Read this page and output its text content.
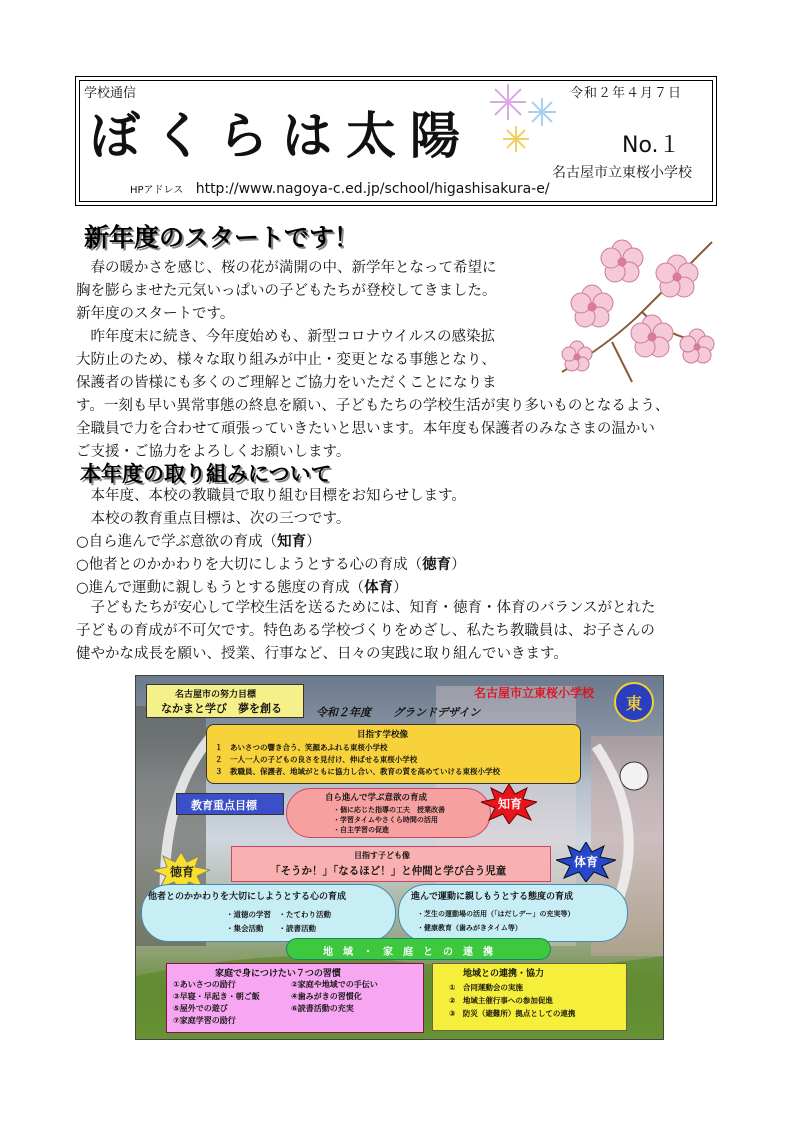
学校通信	令和２年４月７日
ぼくらは太陽	No.１
名古屋市立東桜小学校
HPアドレス http://www.nagoya-c.ed.jp/school/higashisakura-e/
新年度のスタートです！
　春の暖かさを感じ、桜の花が満開の中、新学年となって希望に
胸を膨らませた元気いっぱいの子どもたちが登校してきました。
新年度のスタートです。
　昨年度末に続き、今年度始めも、新型コロナウイルスの感染拡
大防止のため、様々な取り組みが中止・変更となる事態となり、
保護者の皆様にも多くのご理解とご協力をいただくことになりま
す。一刻も早い異常事態の終息を願い、子どもたちの学校生活が実り多いものとなるよう、
全職員で力を合わせて頑張っていきたいと思います。本年度も保護者のみなさまの温かい
ご支援・ご協力をよろしくお願いします。
本年度の取り組みについて
　本年度、本校の教職員で取り組む目標をお知らせします。
　本校の教育重点目標は、次の三つです。
○自ら進んで学ぶ意欲の育成（知育）
○他者とのかかわりを大切にしようとする心の育成（徳育）
○進んで運動に親しもうとする態度の育成（体育）
　子どもたちが安心して学校生活を送るためには、知育・徳育・体育のバランスがとれた
子どもの育成が不可欠です。特色ある学校づくりをめざし、私たち教職員は、お子さんの
健やかな成長を願い、授業、行事など、日々の実践に取り組んでいきます。
名古屋市の努力目標
なかまと学び　夢を創る
名古屋市立東桜小学校
令和２年度　　グランドデザイン	東
目指す学校像
１　あいさつの響き合う、笑顔あふれる東桜小学校
２　一人一人の子どもの良さを見付け、伸ばせる東桜小学校
３　教職員、保護者、地域がともに協力し合い、教育の質を高めていける東桜小学校
教育重点目標
自ら進んで学ぶ意欲の育成
・個に応じた指導の工夫　授業改善
・学習タイムやさくら時間の活用
・自主学習の促進
知育
徳育
体育
目指す子ども像
「そうか！」「なるほど！」と仲間と学び合う児童
他者とのかかわりを大切にしようとする心の育成
・道徳の学習　・たてわり活動
・集会活動　　・読書活動
進んで運動に親しもうとする態度の育成
・芝生の運動場の活用（「はだしデー」の充実等）
・健康教育（歯みがきタイム等）
地　域　・　家　庭　と　の　連　携
家庭で身につけたい７つの習慣
①あいさつの励行	②家庭や地域での手伝い
③早寝・早起き・朝ご飯	④歯みがきの習慣化
⑤屋外での遊び	⑥読書活動の充実
⑦家庭学習の励行
地域との連携・協力
①　合同運動会の実施
②　地域主催行事への参加促進
③　防災（避難所）拠点としての連携
